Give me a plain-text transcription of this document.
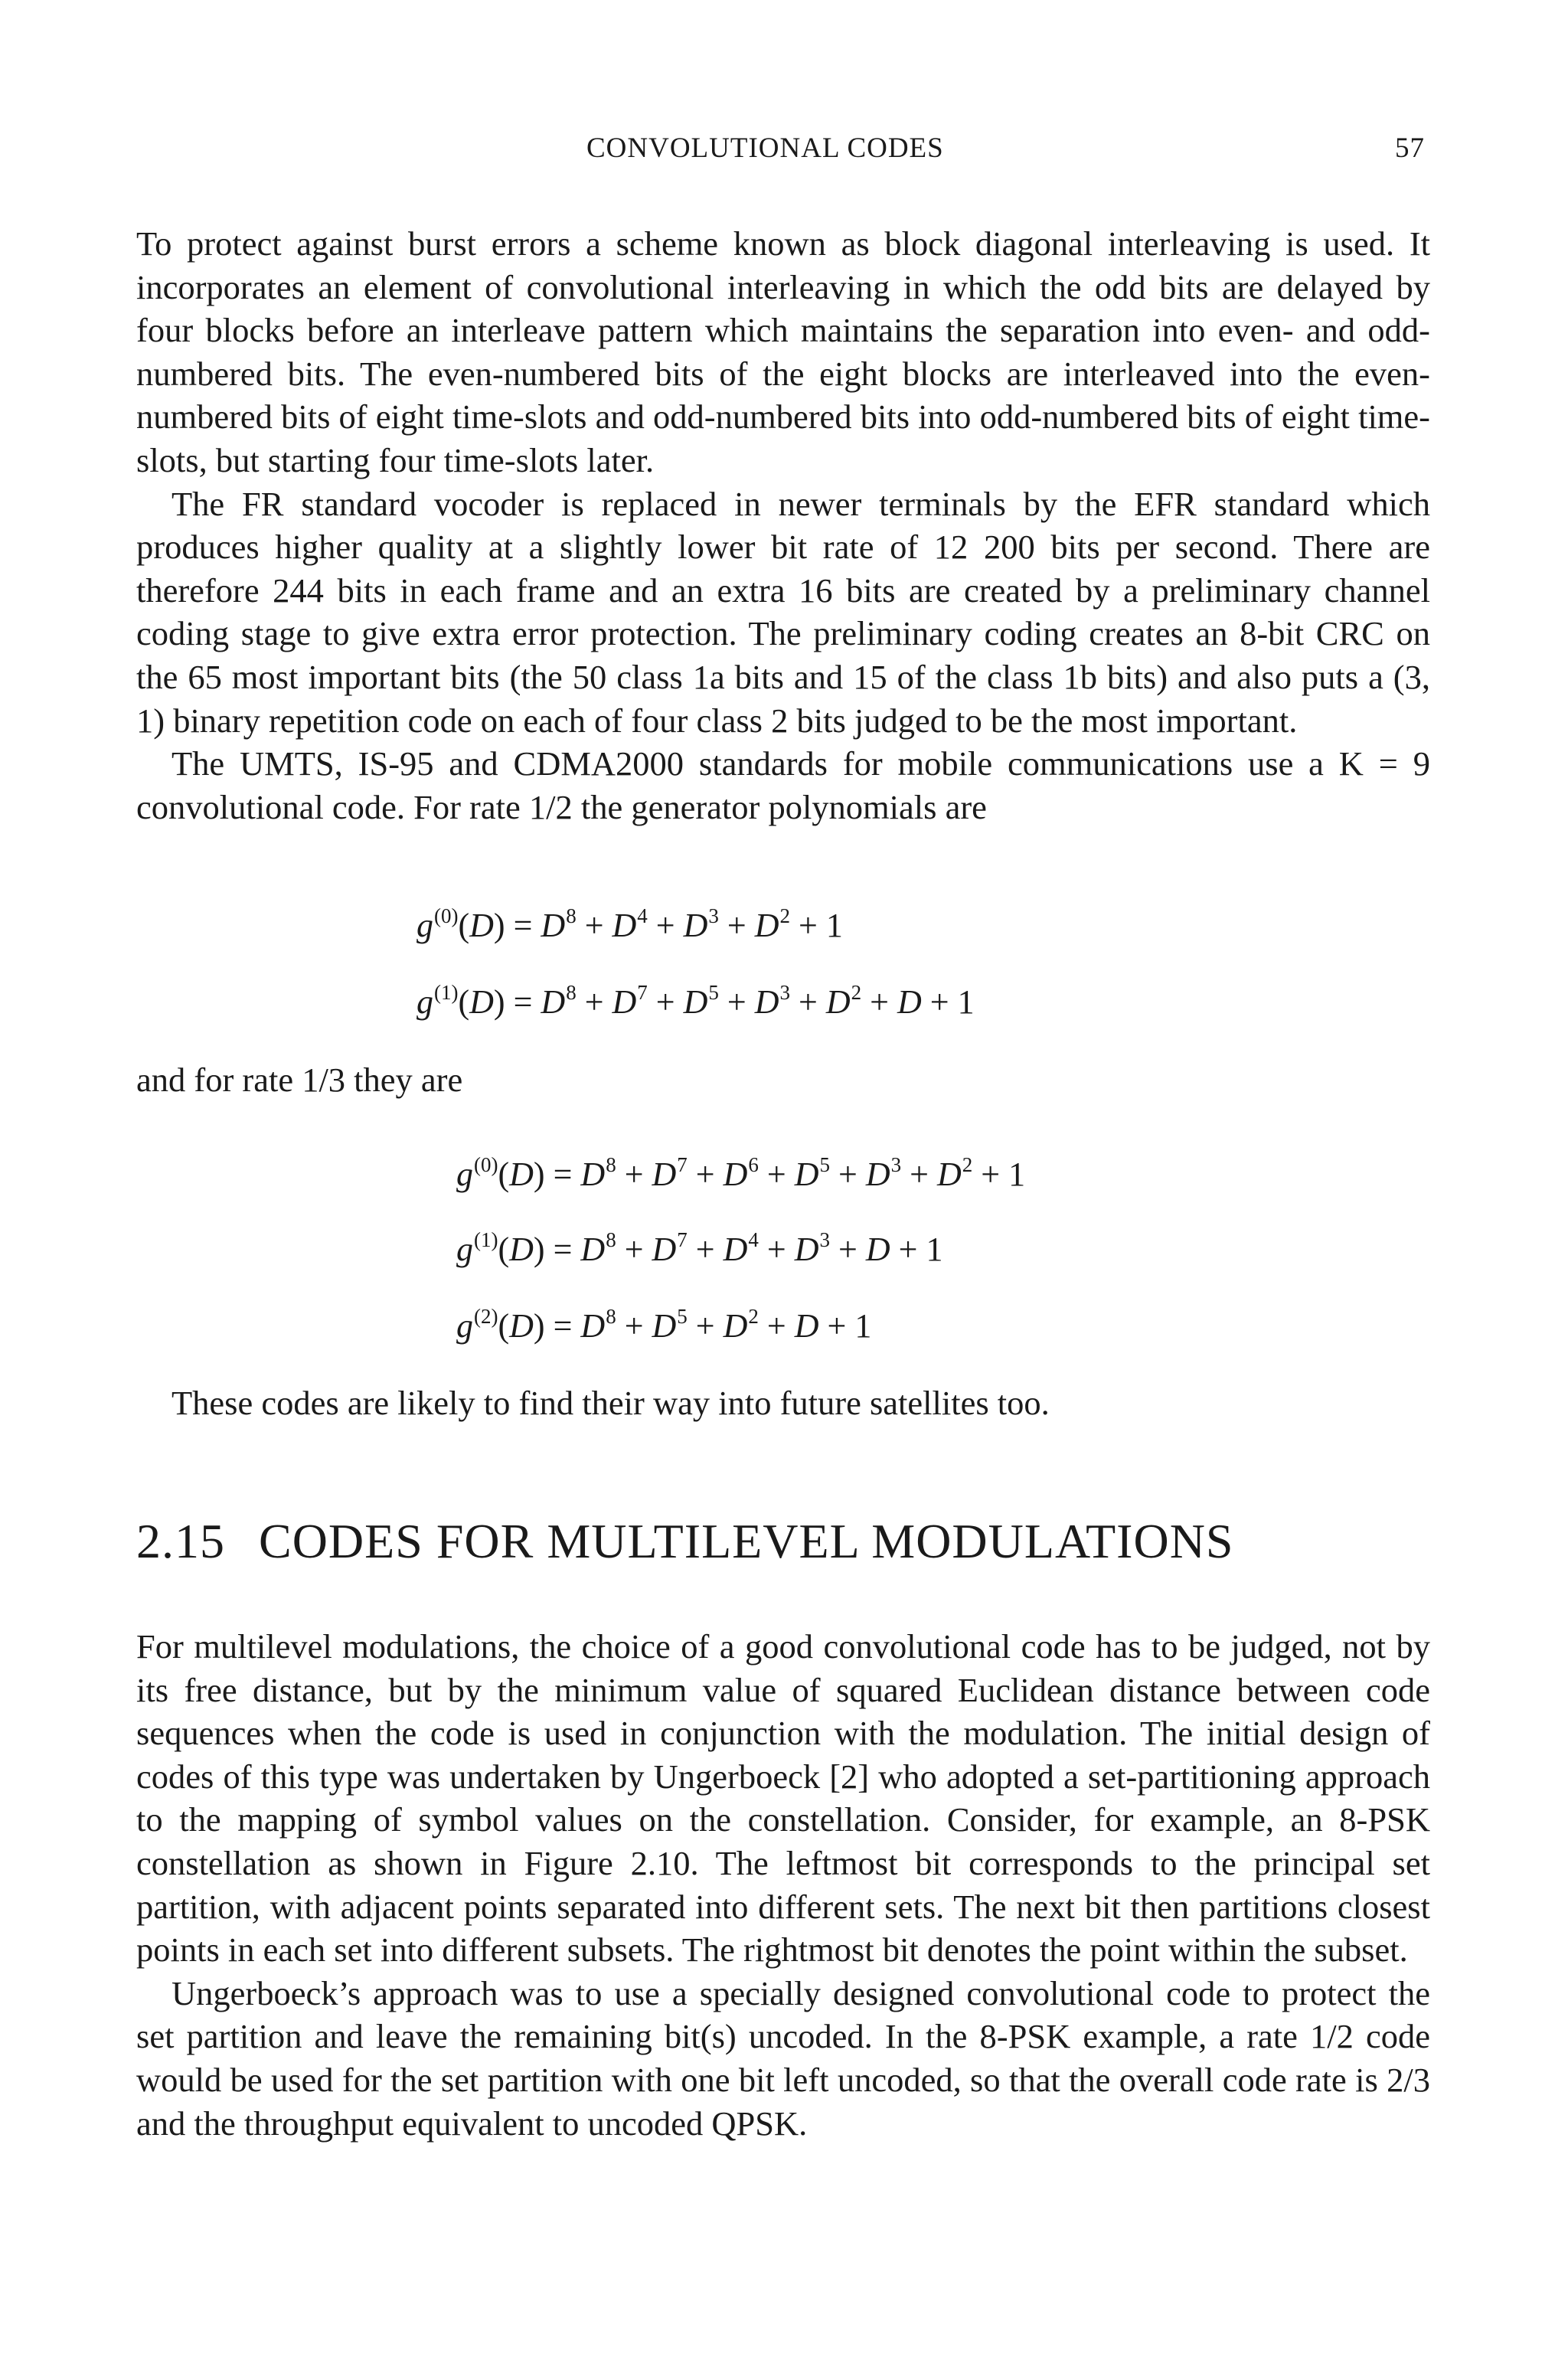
CONVOLUTIONAL CODES	57

To protect against burst errors a scheme known as block diagonal interleaving is used. It incorporates an element of convolutional interleaving in which the odd bits are delayed by four blocks before an interleave pattern which maintains the separation into even- and odd-numbered bits. The even-numbered bits of the eight blocks are interleaved into the even-numbered bits of eight time-slots and odd-numbered bits into odd-numbered bits of eight time-slots, but starting four time-slots later.

The FR standard vocoder is replaced in newer terminals by the EFR standard which produces higher quality at a slightly lower bit rate of 12 200 bits per second. There are therefore 244 bits in each frame and an extra 16 bits are created by a preliminary channel coding stage to give extra error protection. The preliminary coding creates an 8-bit CRC on the 65 most important bits (the 50 class 1a bits and 15 of the class 1b bits) and also puts a (3, 1) binary repetition code on each of four class 2 bits judged to be the most important.

The UMTS, IS-95 and CDMA2000 standards for mobile communications use a K = 9 convolutional code. For rate 1/2 the generator polynomials are

$g^{(0)}(D) = D^8 + D^4 + D^3 + D^2 + 1$
$g^{(1)}(D) = D^8 + D^7 + D^5 + D^3 + D^2 + D + 1$
and for rate 1/3 they are
$g^{(0)}(D) = D^8 + D^7 + D^6 + D^5 + D^3 + D^2 + 1$
$g^{(1)}(D) = D^8 + D^7 + D^4 + D^3 + D + 1$
$g^{(2)}(D) = D^8 + D^5 + D^2 + D + 1$
These codes are likely to find their way into future satellites too.
2.15 CODES FOR MULTILEVEL MODULATIONS

For multilevel modulations, the choice of a good convolutional code has to be judged, not by its free distance, but by the minimum value of squared Euclidean distance between code sequences when the code is used in conjunction with the modulation. The initial design of codes of this type was undertaken by Ungerboeck [2] who adopted a set-partitioning approach to the mapping of symbol values on the constellation. Consider, for example, an 8-PSK constellation as shown in Figure 2.10. The leftmost bit corresponds to the principal set partition, with adjacent points separated into different sets. The next bit then partitions closest points in each set into different subsets. The rightmost bit denotes the point within the subset.

Ungerboeck’s approach was to use a specially designed convolutional code to protect the set partition and leave the remaining bit(s) uncoded. In the 8-PSK example, a rate 1/2 code would be used for the set partition with one bit left uncoded, so that the overall code rate is 2/3 and the throughput equivalent to uncoded QPSK.
